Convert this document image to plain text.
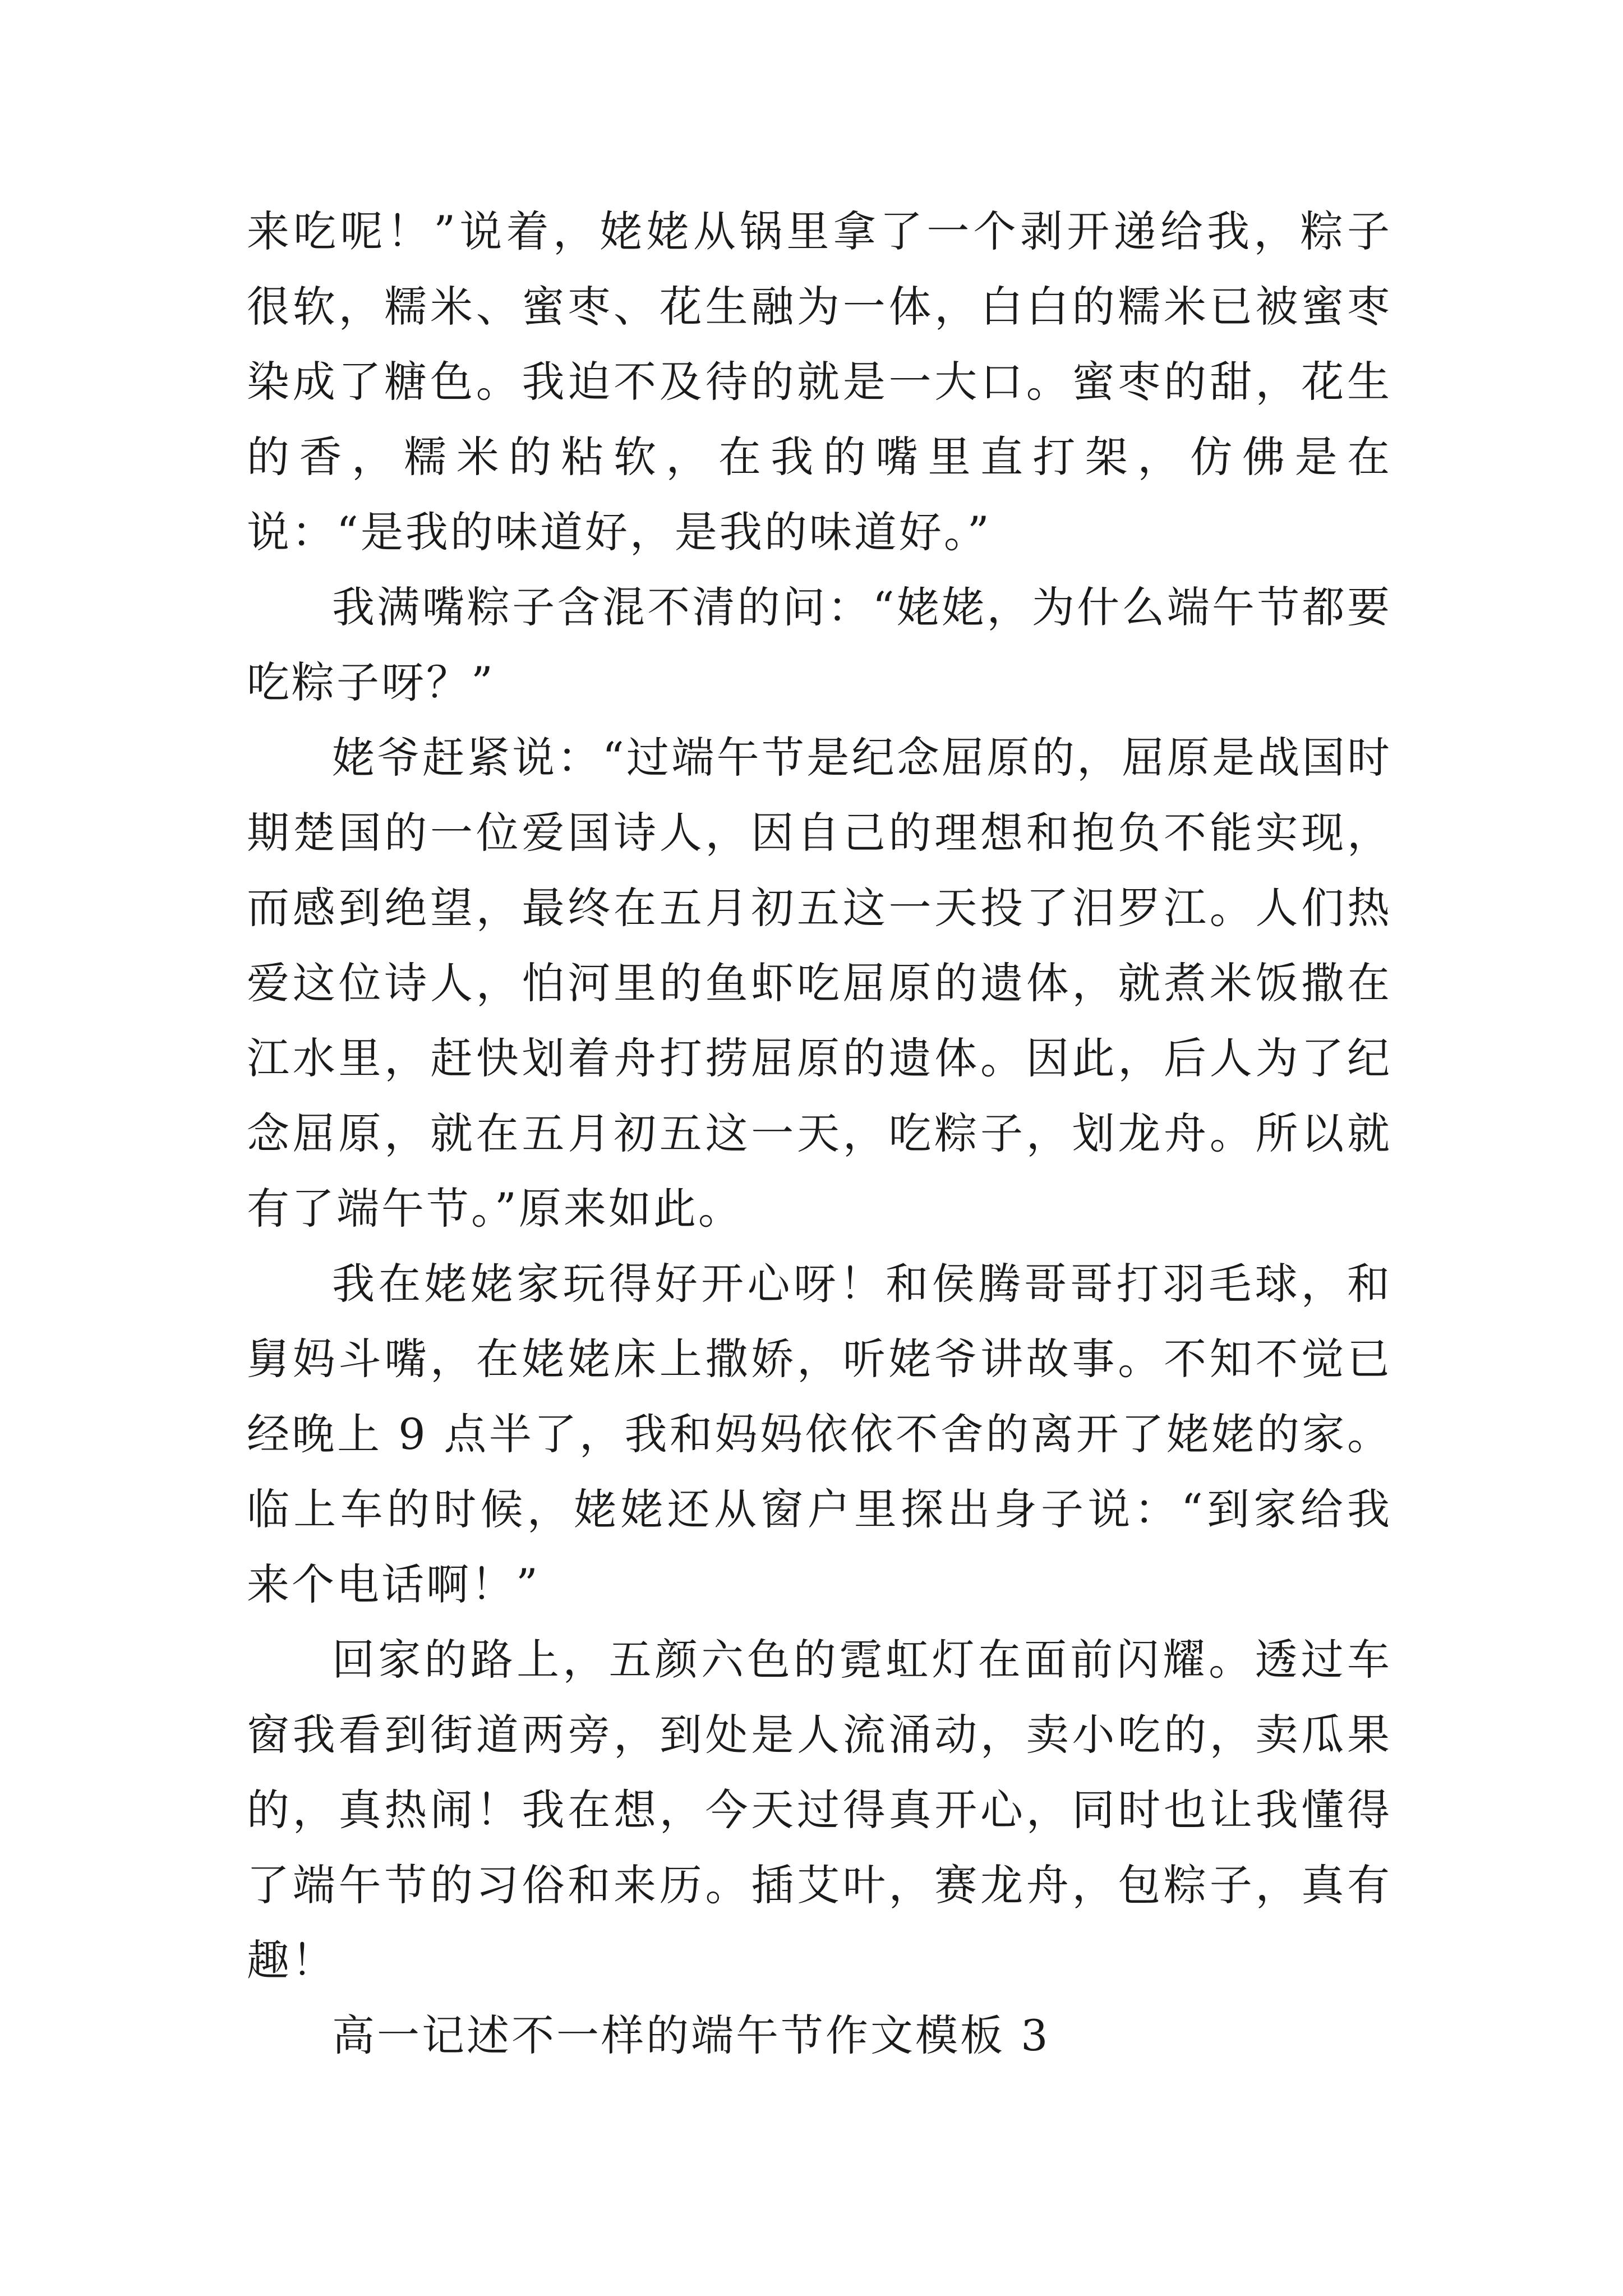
来吃呢！”说着，姥姥从锅里拿了一个剥开递给我，粽子很软，糯米、蜜枣、花生融为一体，白白的糯米已被蜜枣染成了糖色。我迫不及待的就是一大口。蜜枣的甜，花生的香，糯米的粘软，在我的嘴里直打架，仿佛是在说：“是我的味道好，是我的味道好。”

我满嘴粽子含混不清的问：“姥姥，为什么端午节都要吃粽子呀？”

姥爷赶紧说：“过端午节是纪念屈原的，屈原是战国时期楚国的一位爱国诗人，因自己的理想和抱负不能实现，而感到绝望，最终在五月初五这一天投了汨罗江。人们热爱这位诗人，怕河里的鱼虾吃屈原的遗体，就煮米饭撒在江水里，赶快划着舟打捞屈原的遗体。因此，后人为了纪念屈原，就在五月初五这一天，吃粽子，划龙舟。所以就有了端午节。”原来如此。

我在姥姥家玩得好开心呀！和侯腾哥哥打羽毛球，和舅妈斗嘴，在姥姥床上撒娇，听姥爷讲故事。不知不觉已经晚上 9 点半了，我和妈妈依依不舍的离开了姥姥的家。临上车的时候，姥姥还从窗户里探出身子说：“到家给我来个电话啊！”

回家的路上，五颜六色的霓虹灯在面前闪耀。透过车窗我看到街道两旁，到处是人流涌动，卖小吃的，卖瓜果的，真热闹！我在想，今天过得真开心，同时也让我懂得了端午节的习俗和来历。插艾叶，赛龙舟，包粽子，真有趣！

高一记述不一样的端午节作文模板 3
